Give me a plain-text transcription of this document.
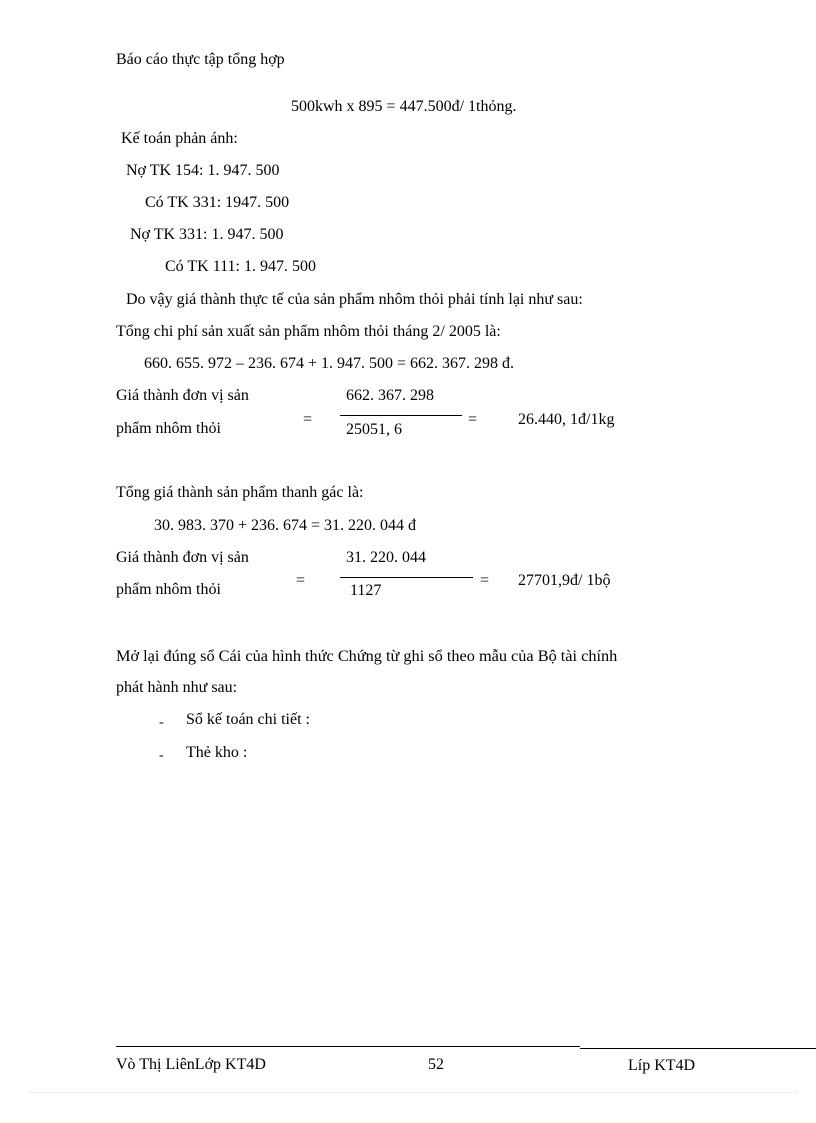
Báo cáo thực tập tổng hợp
500kwh x 895 = 447.500đ/ 1thỏng.
Kế toán phản ánh:
Nợ TK 154: 1. 947. 500
Có TK 331: 1947. 500
Nợ TK 331: 1. 947. 500
Có TK 111: 1. 947. 500
Do vậy giá thành thực tế của sản phẩm nhôm thỏi phải tính lại như sau:
Tổng chi phí sản xuất sản phẩm nhôm thỏi tháng 2/ 2005 là:
660. 655. 972 – 236. 674 + 1. 947. 500 = 662. 367. 298 đ.
Giá thành đơn vị sản
phẩm nhôm thỏi
=
662. 367. 298
25051, 6
=	26.440, 1đ/1kg
Tổng giá thành sản phẩm thanh gác là:
30. 983. 370 + 236. 674 = 31. 220. 044 đ
Giá thành đơn vị sản
phẩm nhôm thỏi
=
31. 220. 044
1127
= 27701,9đ/ 1bộ
Mở lại đúng sổ Cái của hình thức Chứng từ ghi sổ theo mẫu của Bộ tài chính
phát hành như sau:
- Sổ kế toán chi tiết :
- Thẻ kho :
Vò Thị LiênLớp KT4D	52	Líp KT4D
